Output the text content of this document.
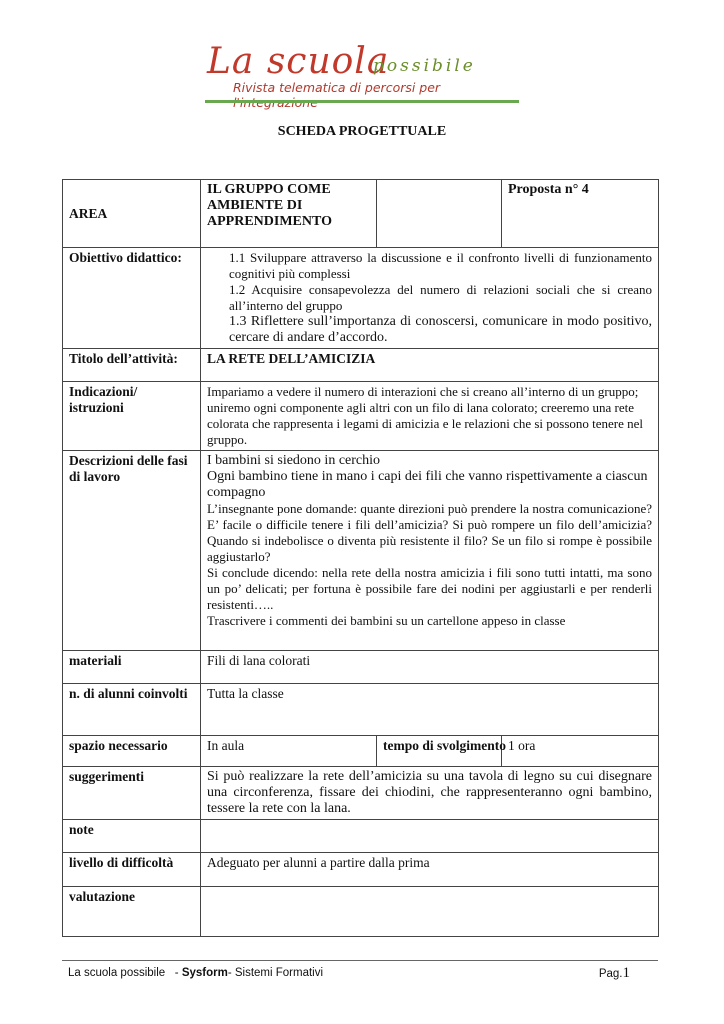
La scuola
possibile
Rivista telematica di percorsi per
SCHEDA PROGETTUALE
AREA	IL GRUPPO COME AMBIENTE DI APPRENDIMENTO		Proposta n° 4
Obiettivo didattico:	1.1 Sviluppare attraverso la discussione e il confronto livelli di funzionamento cognitivi più complessi

1.2 Acquisire consapevolezza del numero di relazioni sociali che si creano all’interno del gruppo

1.3 Riflettere sull’importanza di conoscersi, comunicare in modo positivo, cercare di andare d’accordo.		

Titolo dell’attività:	LA RETE DELL’AMICIZIA		
Indicazioni/ istruzioni	Impariamo a vedere il numero di interazioni che si creano all’interno di un gruppo; uniremo ogni componente agli altri con un filo di lana colorato; creeremo una rete colorata che rappresenta i legami di amicizia e le relazioni che si possono tenere nel gruppo.		
Descrizioni delle fasi di lavoro	I bambini si siedono in cerchio
Ogni bambino tiene in mano i capi dei fili che vanno rispettivamente a ciascun compagno
L’insegnante pone domande: quante direzioni può prendere la nostra comunicazione? E’ facile o difficile tenere i fili dell’amicizia? Si può rompere un filo dell’amicizia? Quando si indebolisce o diventa più resistente il filo? Se un filo si rompe è possibile aggiustarlo?
Si conclude dicendo: nella rete della nostra amicizia i fili sono tutti intatti, ma sono un po’ delicati; per fortuna è possibile fare dei nodini per aggiustarli e per renderli resistenti…..
Trascrivere i commenti dei bambini su un cartellone appeso in classe		

materiali	Fili di lana colorati		
n. di alunni coinvolti	Tutta la classe		
spazio necessario	In aula	tempo di svolgimento	1 ora
suggerimenti	Si può realizzare la rete dell’amicizia su una tavola di legno su cui disegnare una circonferenza, fissare dei chiodini, che rappresenteranno ogni bambino, tessere la rete con la lana.		
note			
livello di difficoltà	Adeguato per alunni a partire dalla prima		
valutazione			
La scuola possibile - Sysform- Sistemi Formativi	Pag.1
